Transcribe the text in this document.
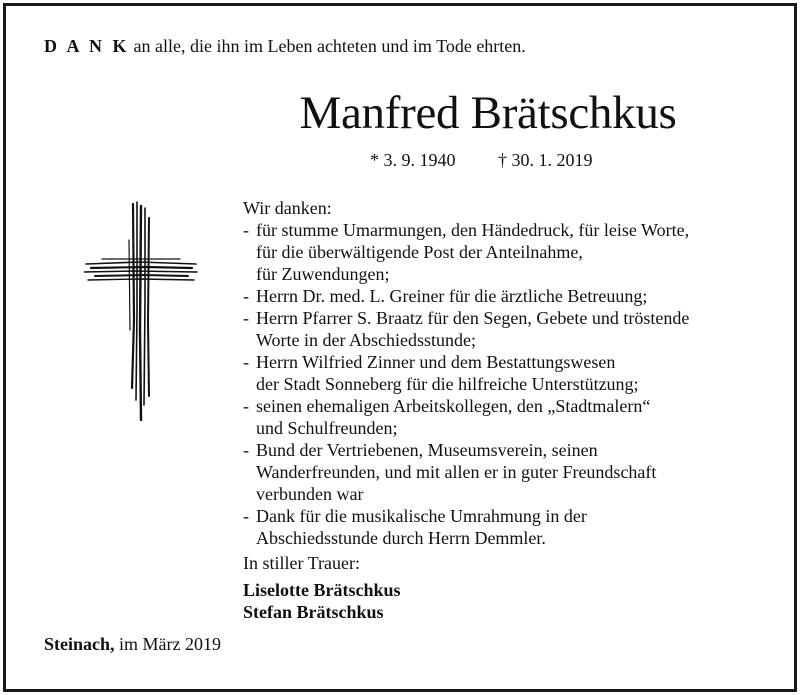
D A N K an alle, die ihn im Leben achteten und im Tode ehrten.
Manfred Brätschkus
* 3. 9. 1940 † 30. 1. 2019
Wir danken:
- für stumme Umarmungen, den Händedruck, für leise Worte,
für die überwältigende Post der Anteilnahme,
für Zuwendungen;
- Herrn Dr. med. L. Greiner für die ärztliche Betreuung;
- Herrn Pfarrer S. Braatz für den Segen, Gebete und tröstende
Worte in der Abschiedsstunde;
- Herrn Wilfried Zinner und dem Bestattungswesen
der Stadt Sonneberg für die hilfreiche Unterstützung;
- seinen ehemaligen Arbeitskollegen, den „Stadtmalern“
und Schulfreunden;
- Bund der Vertriebenen, Museumsverein, seinen
Wanderfreunden, und mit allen er in guter Freundschaft
verbunden war
- Dank für die musikalische Umrahmung in der
Abschiedsstunde durch Herrn Demmler.
In stiller Trauer:
Liselotte Brätschkus
Stefan Brätschkus
Steinach, im März 2019
